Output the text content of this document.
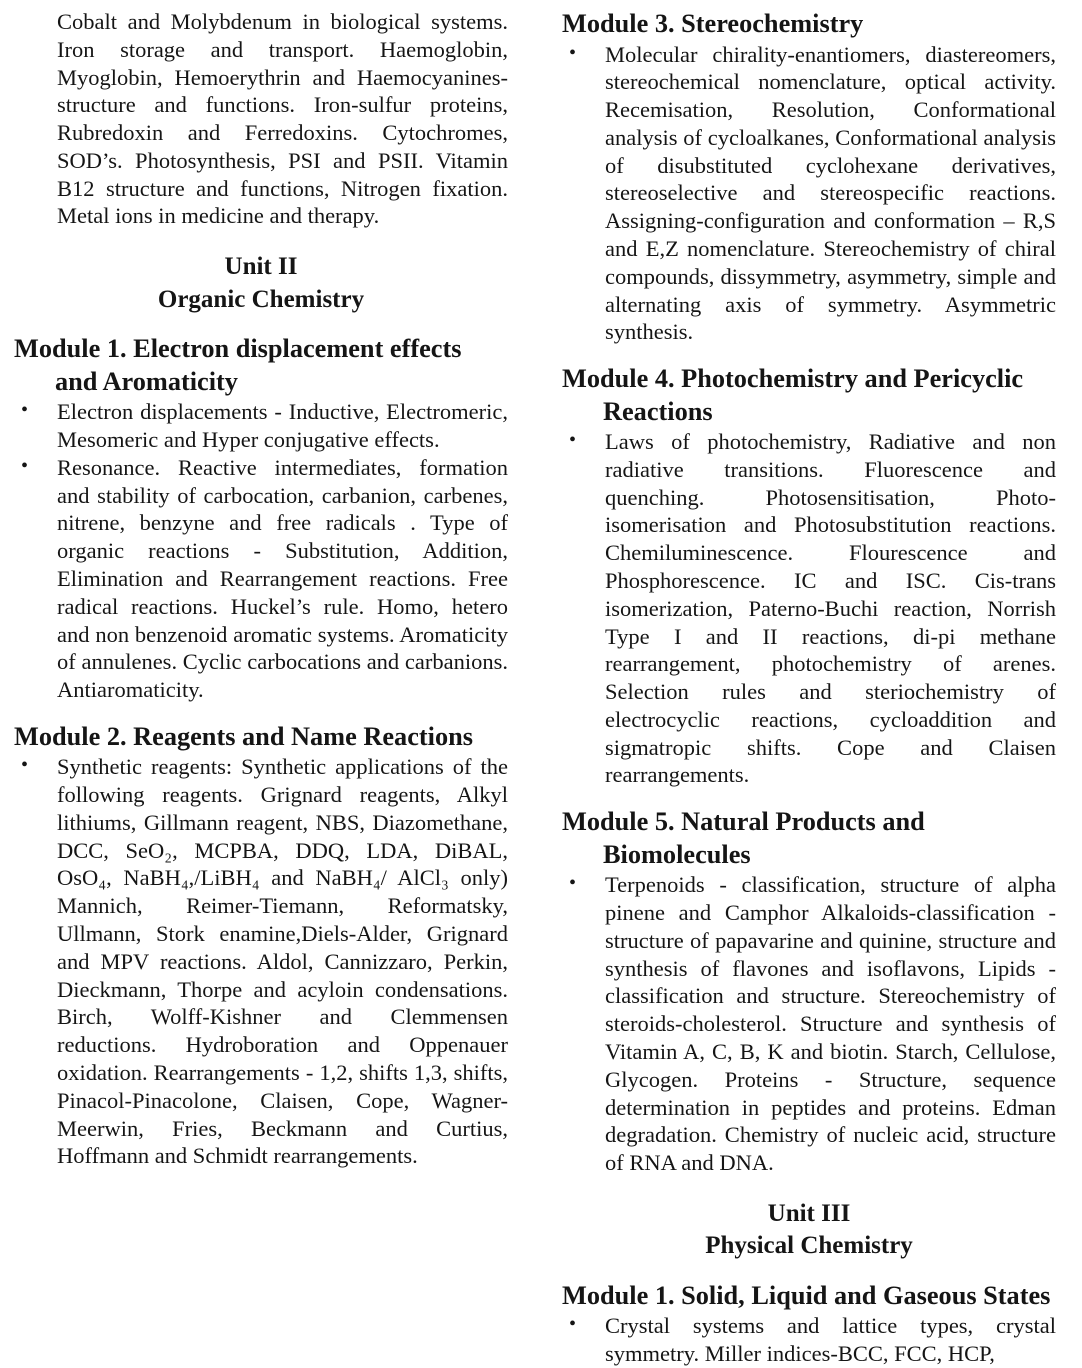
Cobalt and Molybdenum in biological systems. Iron storage and transport. Haemoglobin, Myoglobin, Hemoerythrin and Haemocyanines- structure and functions. Iron-sulfur proteins, Rubredoxin and Ferredoxins. Cytochromes, SOD’s. Photosynthesis, PSI and PSII. Vitamin B12 structure and functions, Nitrogen fixation. Metal ions in medicine and therapy.

Unit II
Organic Chemistry
Module 1. Electron displacement effects and Aromaticity
•	Electron displacements - Inductive, Electromeric, Mesomeric and Hyper conjugative effects.
•	Resonance. Reactive intermediates, formation and stability of carbocation, carbanion, carbenes, nitrene, benzyne and free radicals . Type of organic reactions - Substitution, Addition, Elimination and Rearrangement reactions. Free radical reactions. Huckel’s rule. Homo, hetero and non benzenoid aromatic systems. Aromaticity of annulenes. Cyclic carbocations and carbanions. Antiaromaticity.
Module 2. Reagents and Name Reactions
•	Synthetic reagents: Synthetic applications of the following reagents. Grignard reagents, Alkyl lithiums, Gillmann reagent, NBS, Diazomethane, DCC, SeO₂, MCPBA, DDQ, LDA, DiBAL, OsO₄, NaBH₄,/LiBH₄ and NaBH₄/ AlCl₃ only) Mannich, Reimer-Tiemann, Reformatsky, Ullmann, Stork enamine,Diels-Alder, Grignard and MPV reactions. Aldol, Cannizzaro, Perkin, Dieckmann, Thorpe and acyloin condensations. Birch, Wolff-Kishner and Clemmensen reductions. Hydroboration and Oppenauer oxidation. Rearrangements - 1,2, shifts 1,3, shifts, Pinacol-Pinacolone, Claisen, Cope, Wagner- Meerwin, Fries, Beckmann and Curtius, Hoffmann and Schmidt rearrangements.
Module 3. Stereochemistry
•	Molecular chirality-enantiomers, diastereomers, stereochemical nomenclature, optical activity. Recemisation, Resolution, Conformational analysis of cycloalkanes, Conformational analysis of disubstituted cyclohexane derivatives, stereoselective and stereospecific reactions. Assigning-configuration and conformation – R,S and E,Z nomenclature. Stereochemistry of chiral compounds, dissymmetry, asymmetry, simple and alternating axis of symmetry. Asymmetric synthesis.
Module 4. Photochemistry and Pericyclic Reactions
•	Laws of photochemistry, Radiative and non radiative transitions. Fluorescence and quenching. Photosensitisation, Photo-isomerisation and Photosubstitution reactions. Chemiluminescence. Flourescence and Phosphorescence. IC and ISC. Cis-trans isomerization, Paterno-Buchi reaction, Norrish Type I and II reactions, di-pi methane rearrangement, photochemistry of arenes. Selection rules and steriochemistry of electrocyclic reactions, cycloaddition and sigmatropic shifts. Cope and Claisen rearrangements.
Module 5. Natural Products and Biomolecules
•	Terpenoids - classification, structure of alpha pinene and Camphor Alkaloids-classification - structure of papavarine and quinine, structure and synthesis of flavones and isoflavons, Lipids - classification and structure. Stereochemistry of steroids-cholesterol. Structure and synthesis of Vitamin A, C, B, K and biotin. Starch, Cellulose, Glycogen. Proteins - Structure, sequence determination in peptides and proteins. Edman degradation. Chemistry of nucleic acid, structure of RNA and DNA.
Unit III
Physical Chemistry
Module 1. Solid, Liquid and Gaseous States
•	Crystal systems and lattice types, crystal symmetry. Miller indices-BCC, FCC, HCP,
